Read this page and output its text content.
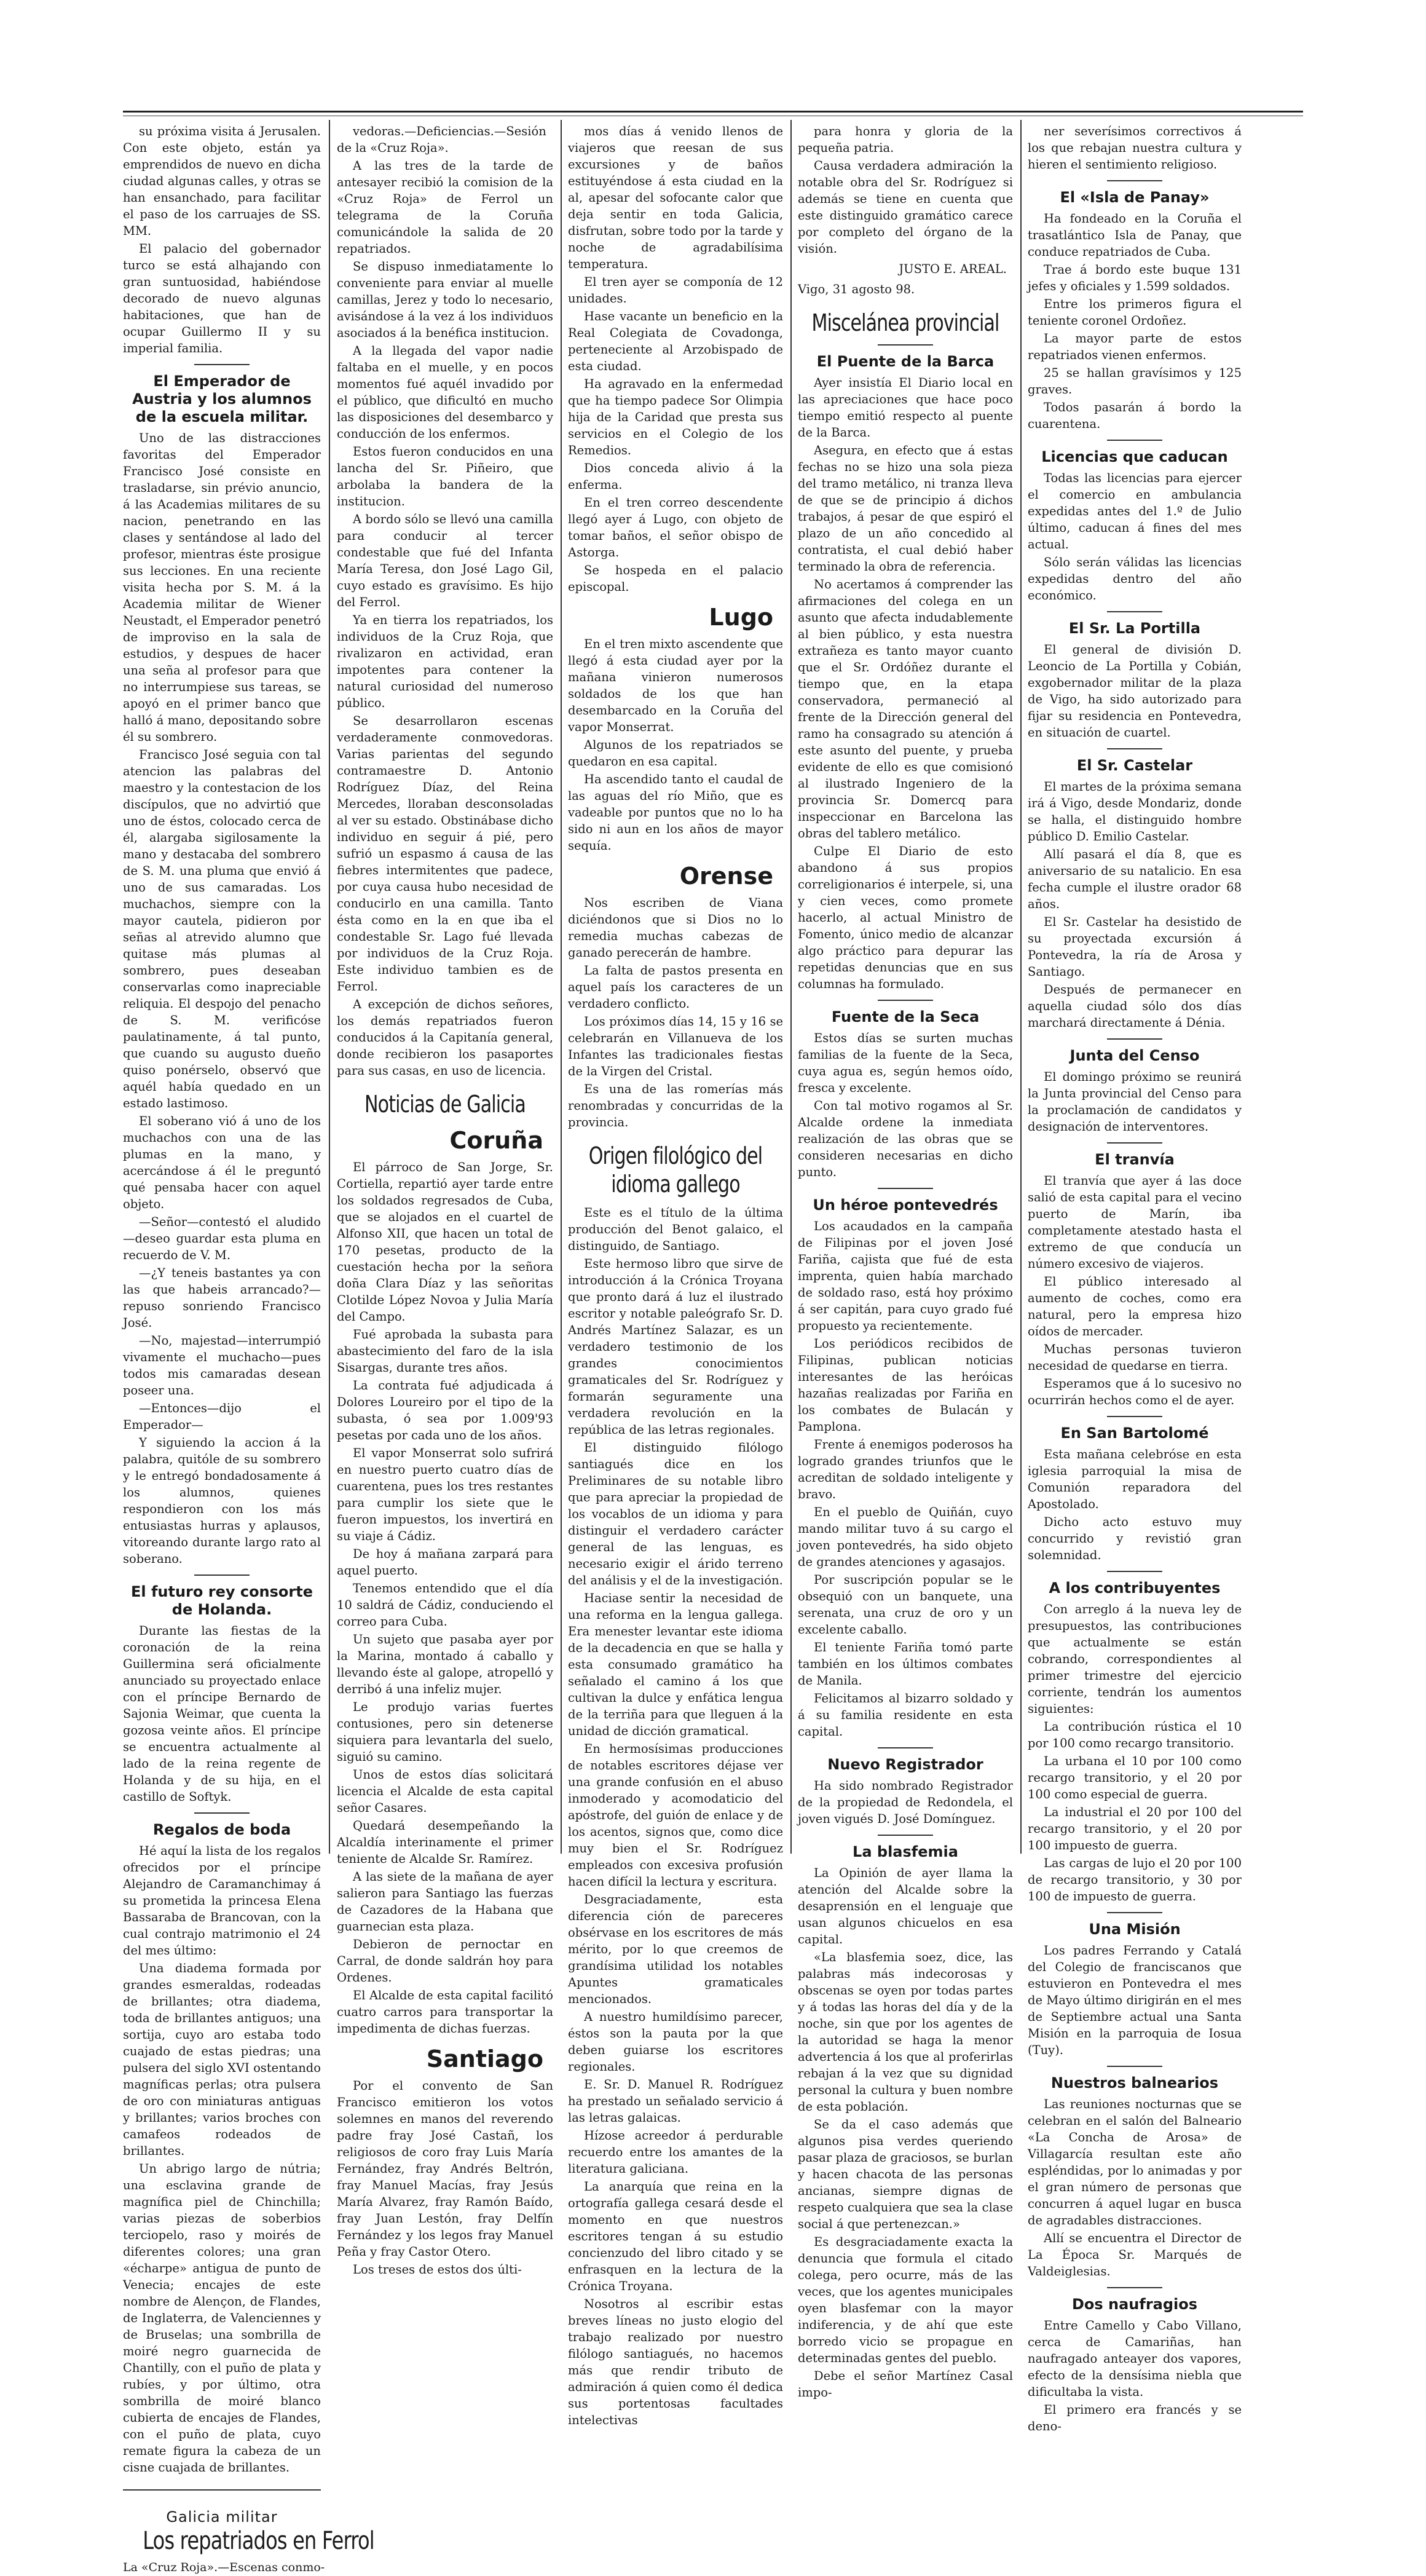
su próxima visita á Jerusalen. Con este objeto, están ya emprendidos de nuevo en dicha ciudad algunas calles, y otras se han ensanchado, para facilitar el paso de los carruajes de SS. MM.

El palacio del gobernador turco se está alhajando con gran suntuosidad, habiéndose decorado de nuevo algunas habitaciones, que han de ocupar Guillermo II y su imperial familia.

El Emperador de Austria y los alumnos de la escuela militar.

Uno de las distracciones favoritas del Emperador Francisco José consiste en trasladarse, sin prévio anuncio, á las Academias militares de su nacion, penetrando en las clases y sentándose al lado del profesor, mientras éste prosigue sus lecciones. En una reciente visita hecha por S. M. á la Academia militar de Wiener Neustadt, el Emperador penetró de improviso en la sala de estudios, y despues de hacer una seña al profesor para que no interrumpiese sus tareas, se apoyó en el primer banco que halló á mano, depositando sobre él su sombrero.

Francisco José seguia con tal atencion las palabras del maestro y la contestacion de los discípulos, que no advirtió que uno de éstos, colocado cerca de él, alargaba sigilosamente la mano y destacaba del sombrero de S. M. una pluma que envió á uno de sus camaradas. Los muchachos, siempre con la mayor cautela, pidieron por señas al atrevido alumno que quitase más plumas al sombrero, pues deseaban conservarlas como inapreciable reliquia. El despojo del penacho de S. M. verificóse paulatinamente, á tal punto, que cuando su augusto dueño quiso ponérselo, observó que aquél había quedado en un estado lastimoso.

El soberano vió á uno de los muchachos con una de las plumas en la mano, y acercándose á él le preguntó qué pensaba hacer con aquel objeto.

—Señor—contestó el aludido—deseo guardar esta pluma en recuerdo de V. M.

—¿Y teneis bastantes ya con las que habeis arrancado?—repuso sonriendo Francisco José.

—No, majestad—interrumpió vivamente el muchacho—pues todos mis camaradas desean poseer una.

—Entonces—dijo el Emperador—

Y siguiendo la accion á la palabra, quitóle de su sombrero y le entregó bondadosamente á los alumnos, quienes respondieron con los más entusiastas hurras y aplausos, vitoreando durante largo rato al soberano.

El futuro rey consorte de Holanda.

Durante las fiestas de la coronación de la reina Guillermina será oficialmente anunciado su proyectado enlace con el príncipe Bernardo de Sajonia Weimar, que cuenta la gozosa veinte años. El príncipe se encuentra actualmente al lado de la reina regente de Holanda y de su hija, en el castillo de Softyk.

Regalos de boda

Hé aquí la lista de los regalos ofrecidos por el príncipe Alejandro de Caramanchimay á su prometida la princesa Elena Bassaraba de Brancovan, con la cual contrajo matrimonio el 24 del mes último:

Una diadema formada por grandes esmeraldas, rodeadas de brillantes; otra diadema, toda de brillantes antiguos; una sortija, cuyo aro estaba todo cuajado de estas piedras; una pulsera del siglo XVI ostentando magníficas perlas; otra pulsera de oro con miniaturas antiguas y brillantes; varios broches con camafeos rodeados de brillantes.

Un abrigo largo de nútria; una esclavina grande de magnífica piel de Chinchilla; varias piezas de soberbios terciopelo, raso y moirés de diferentes colores; una gran «écharpe» antigua de punto de Venecia; encajes de este nombre de Alençon, de Flandes, de Inglaterra, de Valenciennes y de Bruselas; una sombrilla de moiré negro guarnecida de Chantilly, con el puño de plata y rubíes, y por último, otra sombrilla de moiré blanco cubierta de encajes de Flandes, con el puño de plata, cuyo remate figura la cabeza de un cisne cuajada de brillantes.

Galicia militar
Los repatriados en Ferrol
La «Cruz Roja».—Escenas conmo-

vedoras.—Deficiencias.—Sesión de la «Cruz Roja».

A las tres de la tarde de antesayer recibió la comision de la «Cruz Roja» de Ferrol un telegrama de la Coruña comunicándole la salida de 20 repatriados.

Se dispuso inmediatamente lo conveniente para enviar al muelle camillas, Jerez y todo lo necesario, avisándose á la vez á los individuos asociados á la benéfica institucion.

A la llegada del vapor nadie faltaba en el muelle, y en pocos momentos fué aquél invadido por el público, que dificultó en mucho las disposiciones del desembarco y conducción de los enfermos.

Estos fueron conducidos en una lancha del Sr. Piñeiro, que arbolaba la bandera de la institucion.

A bordo sólo se llevó una camilla para conducir al tercer condestable que fué del Infanta María Teresa, don José Lago Gil, cuyo estado es gravísimo. Es hijo del Ferrol.

Ya en tierra los repatriados, los individuos de la Cruz Roja, que rivalizaron en actividad, eran impotentes para contener la natural curiosidad del numeroso público.

Se desarrollaron escenas verdaderamente conmovedoras. Varias parientas del segundo contramaestre D. Antonio Rodríguez Díaz, del Reina Mercedes, lloraban desconsoladas al ver su estado. Obstinábase dicho individuo en seguir á pié, pero sufrió un espasmo á causa de las fiebres intermitentes que padece, por cuya causa hubo necesidad de conducirlo en una camilla. Tanto ésta como en la en que iba el condestable Sr. Lago fué llevada por individuos de la Cruz Roja. Este individuo tambien es de Ferrol.

A excepción de dichos señores, los demás repatriados fueron conducidos á la Capitanía general, donde recibieron los pasaportes para sus casas, en uso de licencia.

Noticias de Galicia
Coruña

El párroco de San Jorge, Sr. Cortiella, repartió ayer tarde entre los soldados regresados de Cuba, que se alojados en el cuartel de Alfonso XII, que hacen un total de 170 pesetas, producto de la cuestación hecha por la señora doña Clara Díaz y las señoritas Clotilde López Novoa y Julia María del Campo.

Fué aprobada la subasta para abastecimiento del faro de la isla Sisargas, durante tres años.

La contrata fué adjudicada á Dolores Loureiro por el tipo de la subasta, ó sea por 1.009'93 pesetas por cada uno de los años.

El vapor Monserrat solo sufrirá en nuestro puerto cuatro días de cuarentena, pues los tres restantes para cumplir los siete que le fueron impuestos, los invertirá en su viaje á Cádiz.

De hoy á mañana zarpará para aquel puerto.

Tenemos entendido que el día 10 saldrá de Cádiz, conduciendo el correo para Cuba.

Un sujeto que pasaba ayer por la Marina, montado á caballo y llevando éste al galope, atropelló y derribó á una infeliz mujer.

Le produjo varias fuertes contusiones, pero sin detenerse siquiera para levantarla del suelo, siguió su camino.

Unos de estos días solicitará licencia el Alcalde de esta capital señor Casares.

Quedará desempeñando la Alcaldía interinamente el primer teniente de Alcalde Sr. Ramírez.

A las siete de la mañana de ayer salieron para Santiago las fuerzas de Cazadores de la Habana que guarnecian esta plaza.

Debieron de pernoctar en Carral, de donde saldrán hoy para Ordenes.

El Alcalde de esta capital facilitó cuatro carros para transportar la impedimenta de dichas fuerzas.

Santiago

Por el convento de San Francisco emitieron los votos solemnes en manos del reverendo padre fray José Castañ, los religiosos de coro fray Luis María Fernández, fray Andrés Beltrón, fray Manuel Macías, fray Jesús María Alvarez, fray Ramón Baído, fray Juan Lestón, fray Delfín Fernández y los legos fray Manuel Peña y fray Castor Otero.

Los treses de estos dos últi-

mos días á venido llenos de viajeros que reesan de sus excursiones y de baños estituyéndose á esta ciudad en la al, apesar del sofocante calor que deja sentir en toda Galicia, disfrutan, sobre todo por la tarde y noche de agradabilísima temperatura.

El tren ayer se componía de 12 unidades.

Hase vacante un beneficio en la Real Colegiata de Covadonga, perteneciente al Arzobispado de esta ciudad.

Ha agravado en la enfermedad que ha tiempo padece Sor Olimpia hija de la Caridad que presta sus servicios en el Colegio de los Remedios.

Dios conceda alivio á la enferma.

En el tren correo descendente llegó ayer á Lugo, con objeto de tomar baños, el señor obispo de Astorga.

Se hospeda en el palacio episcopal.

Lugo

En el tren mixto ascendente que llegó á esta ciudad ayer por la mañana vinieron numerosos soldados de los que han desembarcado en la Coruña del vapor Monserrat.

Algunos de los repatriados se quedaron en esa capital.

Ha ascendido tanto el caudal de las aguas del río Miño, que es vadeable por puntos que no lo ha sido ni aun en los años de mayor sequía.

Orense

Nos escriben de Viana diciéndonos que si Dios no lo remedia muchas cabezas de ganado perecerán de hambre.

La falta de pastos presenta en aquel país los caracteres de un verdadero conflicto.

Los próximos días 14, 15 y 16 se celebrarán en Villanueva de los Infantes las tradicionales fiestas de la Virgen del Cristal.

Es una de las romerías más renombradas y concurridas de la provincia.

Origen filológico del idioma gallego

Este es el título de la última producción del Benot galaico, el distinguido, de Santiago.

Este hermoso libro que sirve de introducción á la Crónica Troyana que pronto dará á luz el ilustrado escritor y notable paleógrafo Sr. D. Andrés Martínez Salazar, es un verdadero testimonio de los grandes conocimientos gramaticales del Sr. Rodríguez y formarán seguramente una verdadera revolución en la república de las letras regionales.

El distinguido filólogo santiagués dice en los Preliminares de su notable libro que para apreciar la propiedad de los vocablos de un idioma y para distinguir el verdadero carácter general de las lenguas, es necesario exigir el árido terreno del análisis y el de la investigación.

Haciase sentir la necesidad de una reforma en la lengua gallega. Era menester levantar este idioma de la decadencia en que se halla y esta consumado gramático ha señalado el camino á los que cultivan la dulce y enfática lengua de la terriña para que lleguen á la unidad de dicción gramatical.

En hermosísimas producciones de notables escritores déjase ver una grande confusión en el abuso inmoderado y acomodaticio del apóstrofe, del guión de enlace y de los acentos, signos que, como dice muy bien el Sr. Rodríguez empleados con excesiva profusión hacen difícil la lectura y escritura.

Desgraciadamente, esta diferencia ción de pareceres obsérvase en los escritores de más mérito, por lo que creemos de grandísima utilidad los notables Apuntes gramaticales mencionados.

A nuestro humildísimo parecer, éstos son la pauta por la que deben guiarse los escritores regionales.

E. Sr. D. Manuel R. Rodríguez ha prestado un señalado servicio á las letras galaicas.

Hízose acreedor á perdurable recuerdo entre los amantes de la literatura galiciana.

La anarquía que reina en la ortografía gallega cesará desde el momento en que nuestros escritores tengan á su estudio concienzudo del libro citado y se enfrasquen en la lectura de la Crónica Troyana.

Nosotros al escribir estas breves líneas no justo elogio del trabajo realizado por nuestro filólogo santiagués, no hacemos más que rendir tributo de admiración á quien como él dedica sus portentosas facultades intelectivas

para honra y gloria de la pequeña patria.

Causa verdadera admiración la notable obra del Sr. Rodríguez si además se tiene en cuenta que este distinguido gramático carece por completo del órgano de la visión.

JUSTO E. AREAL.

Vigo, 31 agosto 98.

Miscelánea provincial
El Puente de la Barca

Ayer insistía El Diario local en las apreciaciones que hace poco tiempo emitió respecto al puente de la Barca.

Asegura, en efecto que á estas fechas no se hizo una sola pieza del tramo metálico, ni tranza lleva de que se de principio á dichos trabajos, á pesar de que espiró el plazo de un año concedido al contratista, el cual debió haber terminado la obra de referencia.

No acertamos á comprender las afirmaciones del colega en un asunto que afecta indudablemente al bien público, y esta nuestra extrañeza es tanto mayor cuanto que el Sr. Ordóñez durante el tiempo que, en la etapa conservadora, permaneció al frente de la Dirección general del ramo ha consagrado su atención á este asunto del puente, y prueba evidente de ello es que comisionó al ilustrado Ingeniero de la provincia Sr. Domercq para inspeccionar en Barcelona las obras del tablero metálico.

Culpe El Diario de esto abandono á sus propios correligionarios é interpele, si, una y cien veces, como promete hacerlo, al actual Ministro de Fomento, único medio de alcanzar algo práctico para depurar las repetidas denuncias que en sus columnas ha formulado.

Fuente de la Seca

Estos días se surten muchas familias de la fuente de la Seca, cuya agua es, según hemos oído, fresca y excelente.

Con tal motivo rogamos al Sr. Alcalde ordene la inmediata realización de las obras que se consideren necesarias en dicho punto.

Un héroe pontevedrés

Los acaudados en la campaña de Filipinas por el joven José Fariña, cajista que fué de esta imprenta, quien había marchado de soldado raso, está hoy próximo á ser capitán, para cuyo grado fué propuesto ya recientemente.

Los periódicos recibidos de Filipinas, publican noticias interesantes de las heróicas hazañas realizadas por Fariña en los combates de Bulacán y Pamplona.

Frente á enemigos poderosos ha logrado grandes triunfos que le acreditan de soldado inteligente y bravo.

En el pueblo de Quiñán, cuyo mando militar tuvo á su cargo el joven pontevedrés, ha sido objeto de grandes atenciones y agasajos.

Por suscripción popular se le obsequió con un banquete, una serenata, una cruz de oro y un excelente caballo.

El teniente Fariña tomó parte también en los últimos combates de Manila.

Felicitamos al bizarro soldado y á su familia residente en esta capital.

Nuevo Registrador

Ha sido nombrado Registrador de la propiedad de Redondela, el joven vigués D. José Domínguez.

La blasfemia

La Opinión de ayer llama la atención del Alcalde sobre la desaprensión en el lenguaje que usan algunos chicuelos en esa capital.

«La blasfemia soez, dice, las palabras más indecorosas y obscenas se oyen por todas partes y á todas las horas del día y de la noche, sin que por los agentes de la autoridad se haga la menor advertencia á los que al proferirlas rebajan á la vez que su dignidad personal la cultura y buen nombre de esta población.

Se da el caso además que algunos pisa verdes queriendo pasar plaza de graciosos, se burlan y hacen chacota de las personas ancianas, siempre dignas de respeto cualquiera que sea la clase social á que pertenezcan.»

Es desgraciadamente exacta la denuncia que formula el citado colega, pero ocurre, más de las veces, que los agentes municipales oyen blasfemar con la mayor indiferencia, y de ahí que este borredo vicio se propague en determinadas gentes del pueblo.

Debe el señor Martínez Casal impo-

ner severísimos correctivos á los que rebajan nuestra cultura y hieren el sentimiento religioso.

El «Isla de Panay»

Ha fondeado en la Coruña el trasatlántico Isla de Panay, que conduce repatriados de Cuba.

Trae á bordo este buque 131 jefes y oficiales y 1.599 soldados.

Entre los primeros figura el teniente coronel Ordoñez.

La mayor parte de estos repatriados vienen enfermos.

25 se hallan gravísimos y 125 graves.

Todos pasarán á bordo la cuarentena.

Licencias que caducan

Todas las licencias para ejercer el comercio en ambulancia expedidas antes del 1.º de Julio último, caducan á fines del mes actual.

Sólo serán válidas las licencias expedidas dentro del año económico.

El Sr. La Portilla

El general de división D. Leoncio de La Portilla y Cobián, exgobernador militar de la plaza de Vigo, ha sido autorizado para fijar su residencia en Pontevedra, en situación de cuartel.

El Sr. Castelar

El martes de la próxima semana irá á Vigo, desde Mondariz, donde se halla, el distinguido hombre público D. Emilio Castelar.

Allí pasará el día 8, que es aniversario de su natalicio. En esa fecha cumple el ilustre orador 68 años.

El Sr. Castelar ha desistido de su proyectada excursión á Pontevedra, la ría de Arosa y Santiago.

Después de permanecer en aquella ciudad sólo dos días marchará directamente á Dénia.

Junta del Censo

El domingo próximo se reunirá la Junta provincial del Censo para la proclamación de candidatos y designación de interventores.

El tranvía

El tranvía que ayer á las doce salió de esta capital para el vecino puerto de Marín, iba completamente atestado hasta el extremo de que conducía un número excesivo de viajeros.

El público interesado al aumento de coches, como era natural, pero la empresa hizo oídos de mercader.

Muchas personas tuvieron necesidad de quedarse en tierra.

Esperamos que á lo sucesivo no ocurrirán hechos como el de ayer.

En San Bartolomé

Esta mañana celebróse en esta iglesia parroquial la misa de Comunión reparadora del Apostolado.

Dicho acto estuvo muy concurrido y revistió gran solemnidad.

A los contribuyentes

Con arreglo á la nueva ley de presupuestos, las contribuciones que actualmente se están cobrando, correspondientes al primer trimestre del ejercicio corriente, tendrán los aumentos siguientes:

La contribución rústica el 10 por 100 como recargo transitorio.

La urbana el 10 por 100 como recargo transitorio, y el 20 por 100 como especial de guerra.

La industrial el 20 por 100 del recargo transitorio, y el 20 por 100 impuesto de guerra.

Las cargas de lujo el 20 por 100 de recargo transitorio, y 30 por 100 de impuesto de guerra.

Una Misión

Los padres Ferrando y Catalá del Colegio de franciscanos que estuvieron en Pontevedra el mes de Mayo último dirigirán en el mes de Septiembre actual una Santa Misión en la parroquia de Iosua (Tuy).

Nuestros balnearios

Las reuniones nocturnas que se celebran en el salón del Balneario «La Concha de Arosa» de Villagarcía resultan este año espléndidas, por lo animadas y por el gran número de personas que concurren á aquel lugar en busca de agradables distracciones.

Allí se encuentra el Director de La Época Sr. Marqués de Valdeiglesias.

Dos naufragios

Entre Camello y Cabo Villano, cerca de Camariñas, han naufragado anteayer dos vapores, efecto de la densísima niebla que dificultaba la vista.

El primero era francés y se deno-
